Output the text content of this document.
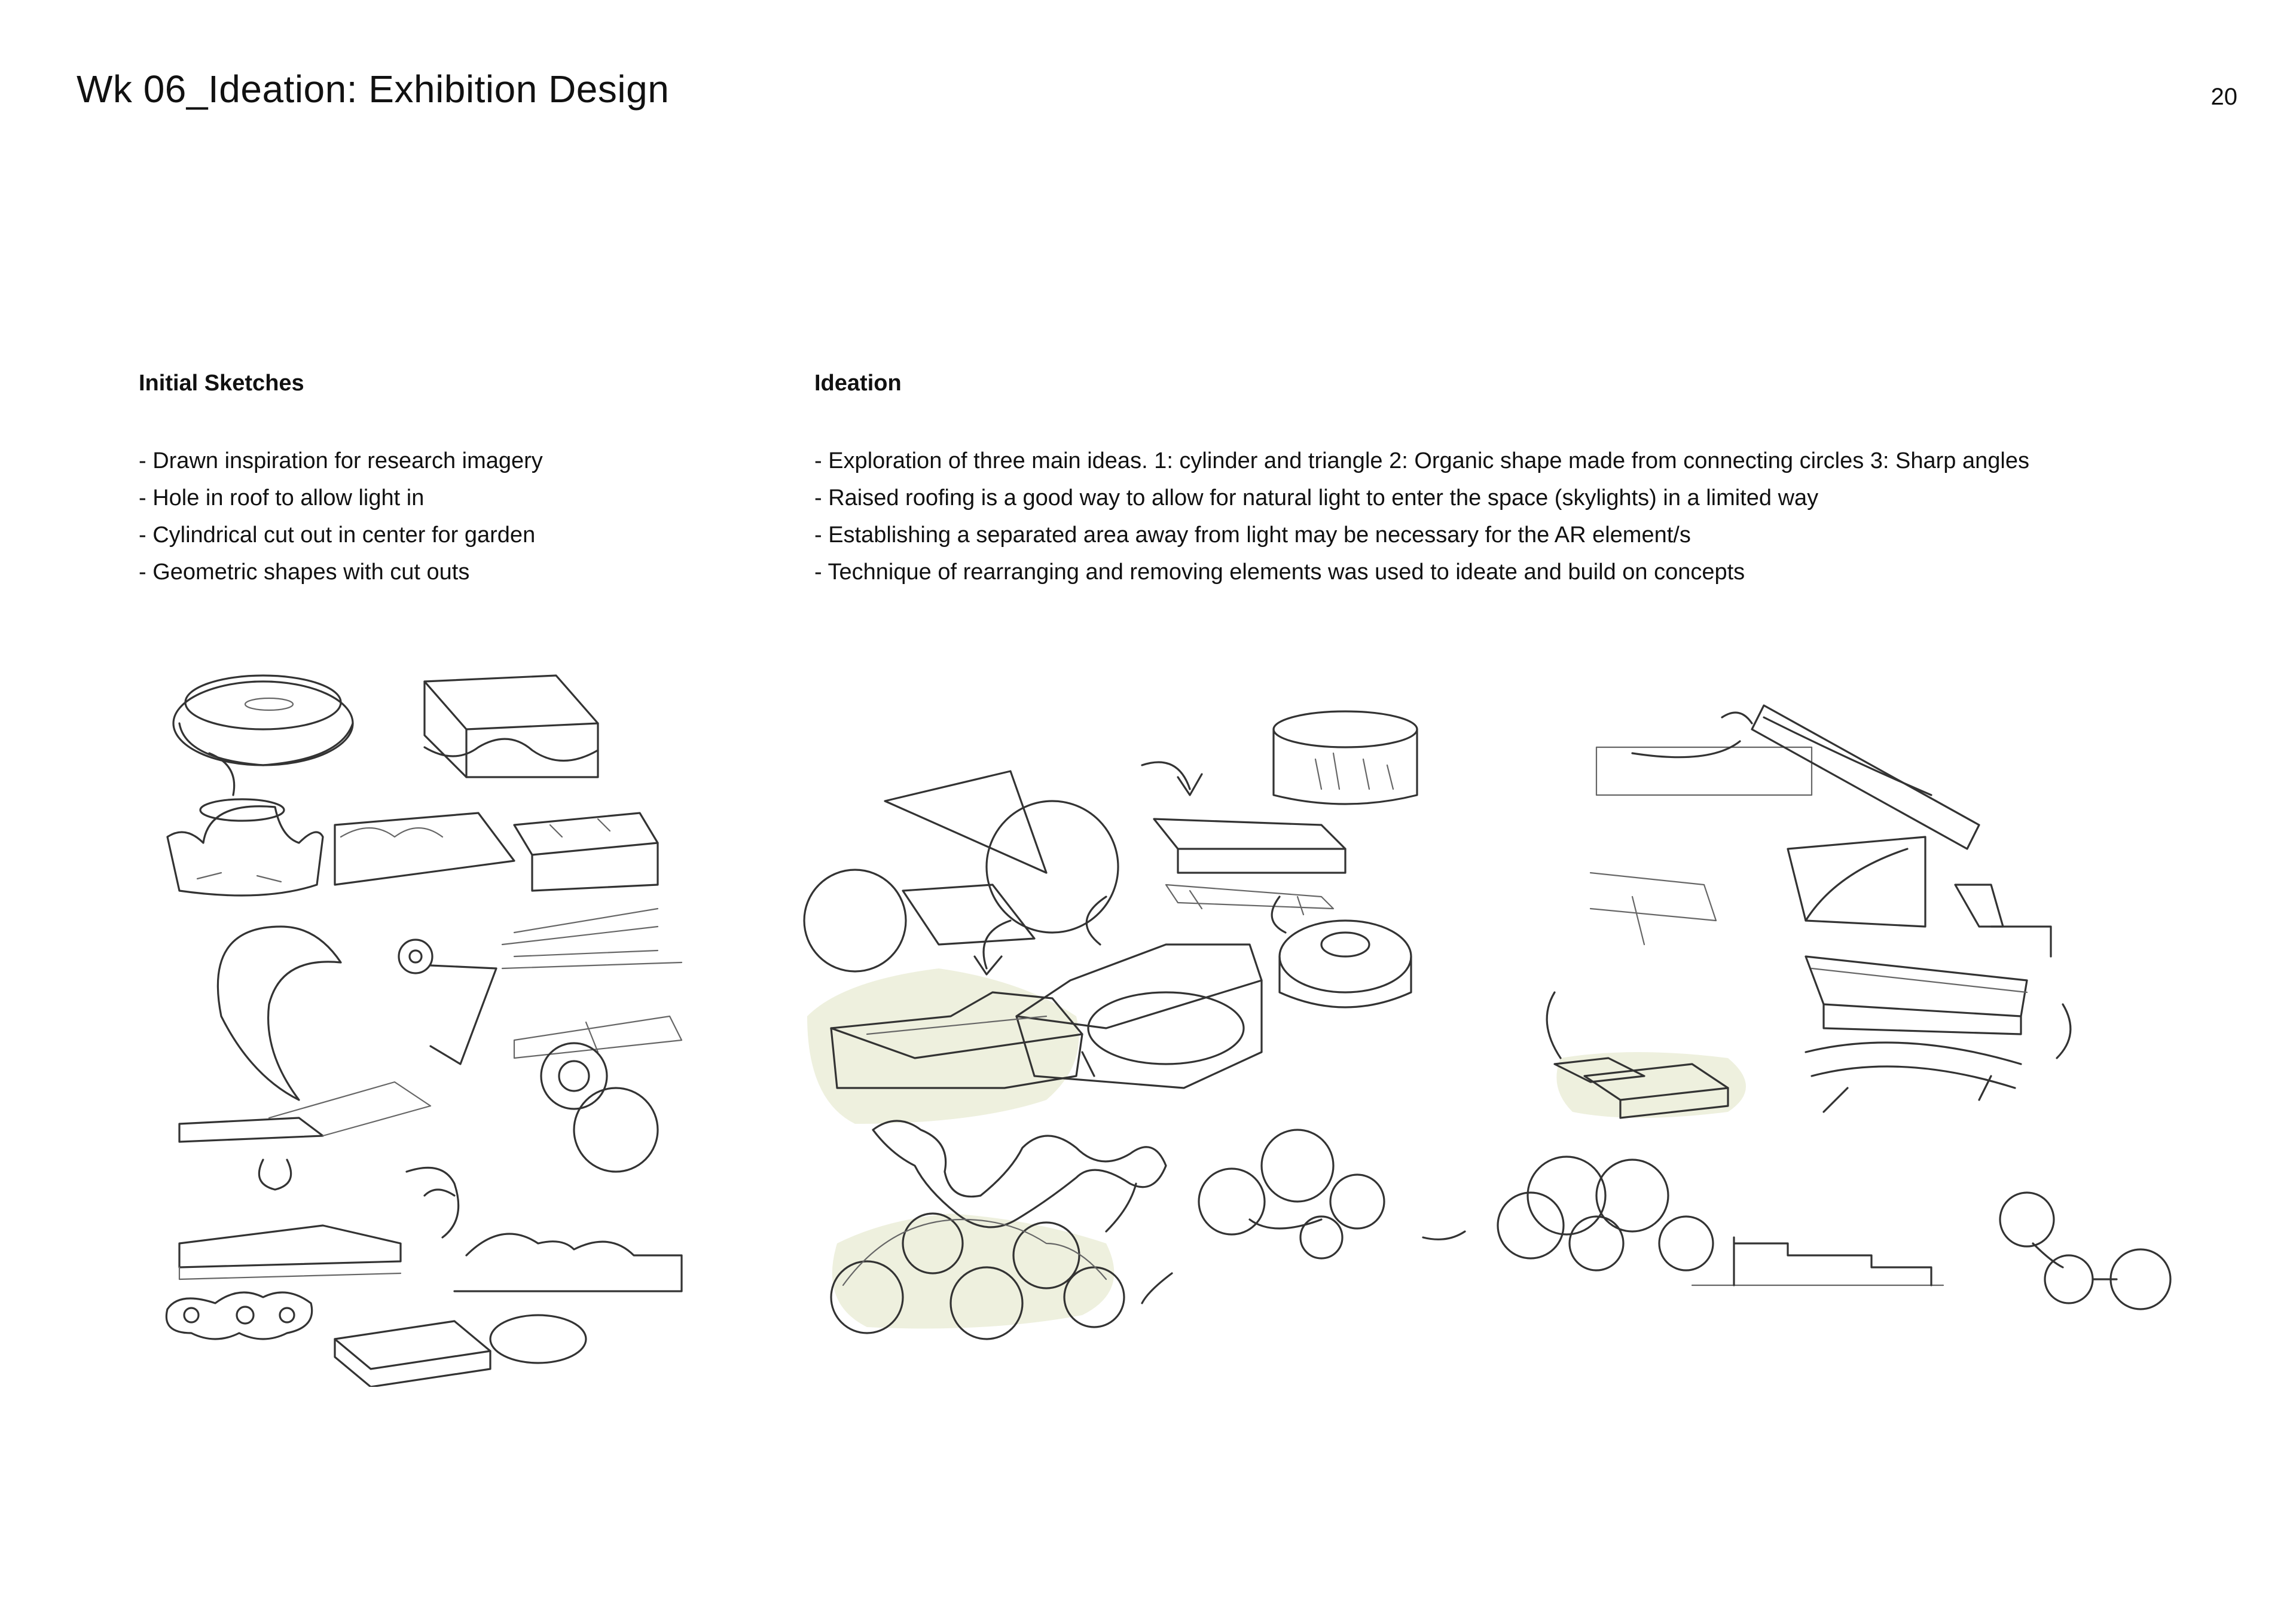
Wk 06_Ideation: Exhibition Design	20
Initial Sketches
- Drawn inspiration for research imagery
- Hole in roof to allow light in
- Cylindrical cut out in center for garden
- Geometric shapes with cut outs
Ideation
- Exploration of three main ideas. 1: cylinder and triangle 2: Organic shape made from connecting circles 3: Sharp angles
- Raised roofing is a good way to allow for natural light to enter the space (skylights) in a limited way
- Establishing a separated area away from light may be necessary for the AR element/s
- Technique of rearranging and removing elements was used to ideate and build on concepts
